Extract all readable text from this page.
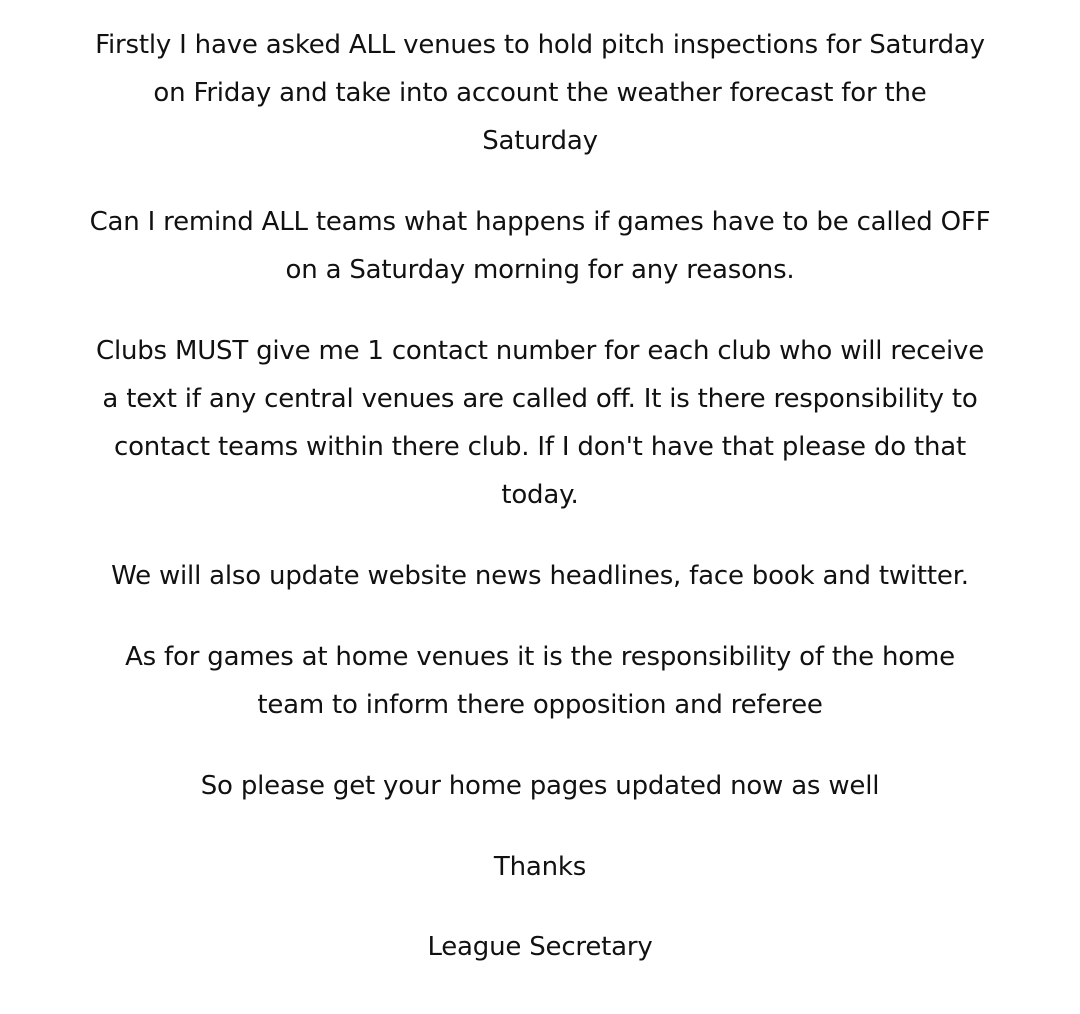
Firstly I have asked ALL venues to hold pitch inspections for Saturday
on Friday and take into account the weather forecast for the
Saturday
Can I remind ALL teams what happens if games have to be called OFF
on a Saturday morning for any reasons.
Clubs MUST give me 1 contact number for each club who will receive
a text if any central venues are called off. It is there responsibility to
contact teams within there club. If I don't have that please do that
today.
We will also update website news headlines, face book and twitter.
As for games at home venues it is the responsibility of the home
team to inform there opposition and referee
So please get your home pages updated now as well
Thanks
League Secretary
